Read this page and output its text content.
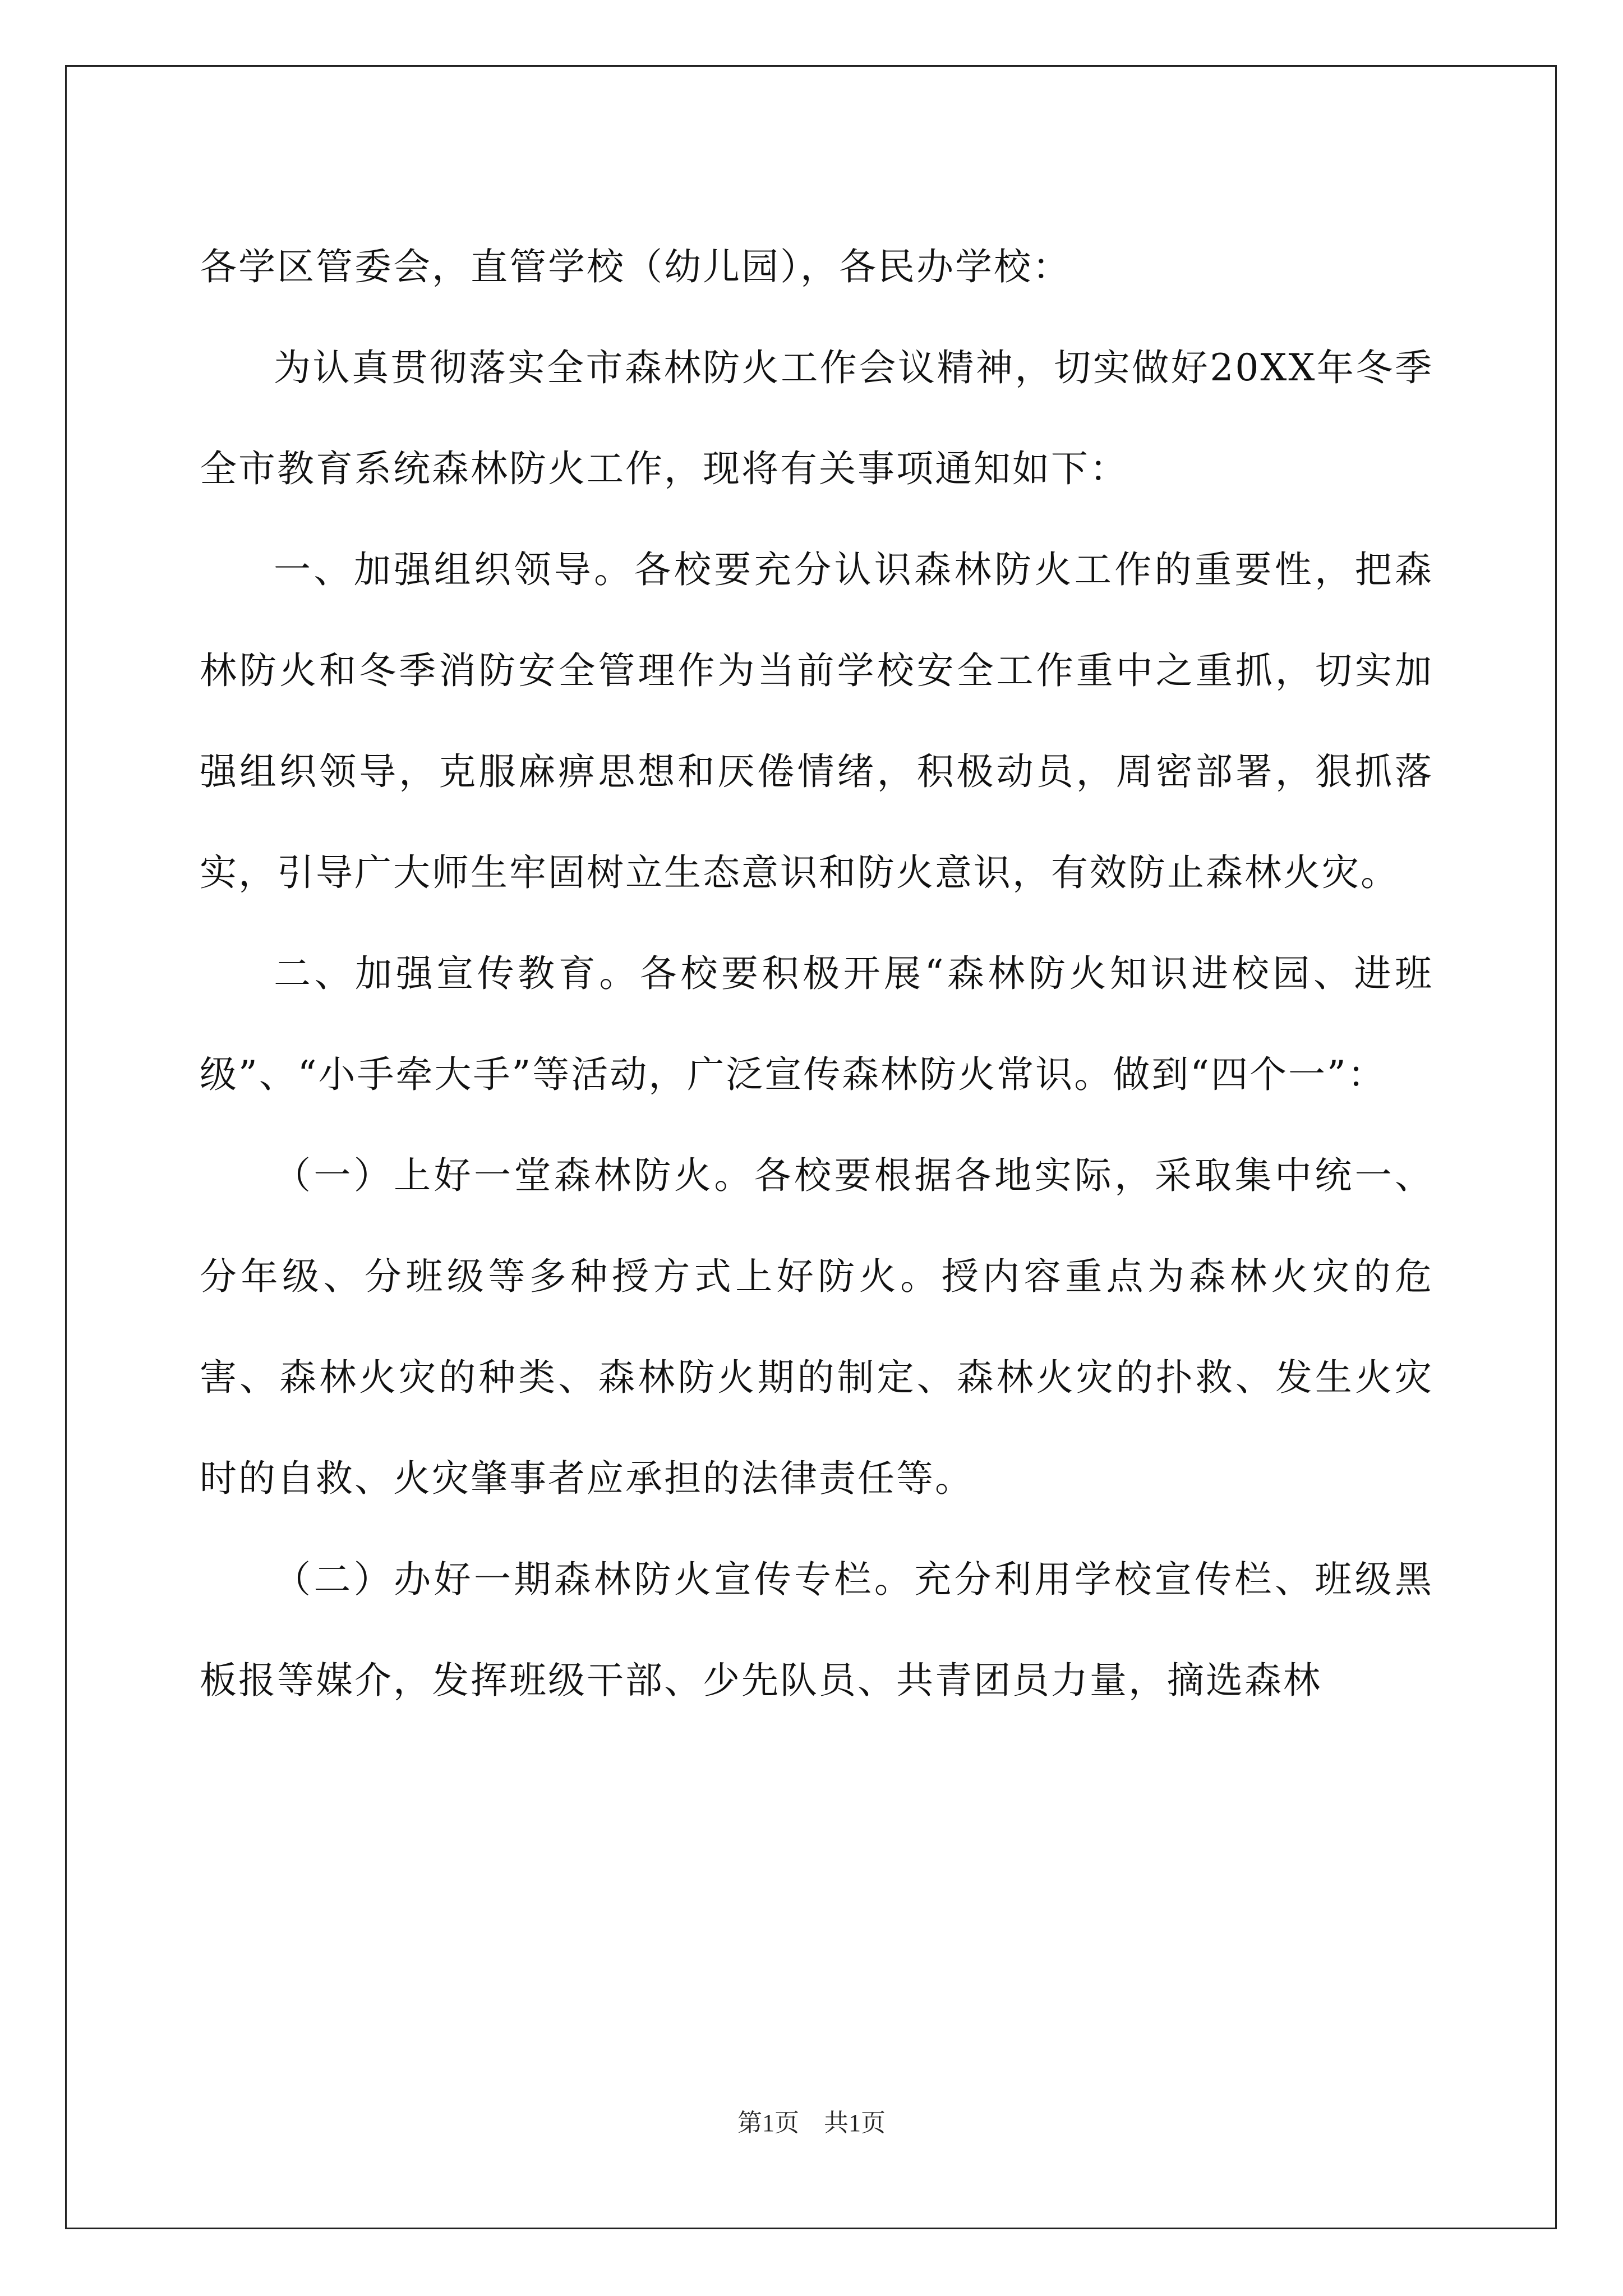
各学区管委会，直管学校（幼儿园），各民办学校：

为认真贯彻落实全市森林防火工作会议精神，切实做好20XX年冬季全市教育系统森林防火工作，现将有关事项通知如下：

一、加强组织领导。各校要充分认识森林防火工作的重要性，把森林防火和冬季消防安全管理作为当前学校安全工作重中之重抓，切实加强组织领导，克服麻痹思想和厌倦情绪，积极动员，周密部署，狠抓落实，引导广大师生牢固树立生态意识和防火意识，有效防止森林火灾。

二、加强宣传教育。各校要积极开展“森林防火知识进校园、进班级”、“小手牵大手”等活动，广泛宣传森林防火常识。做到“四个一”：

（一）上好一堂森林防火。各校要根据各地实际，采取集中统一、分年级、分班级等多种授方式上好防火。授内容重点为森林火灾的危害、森林火灾的种类、森林防火期的制定、森林火灾的扑救、发生火灾时的自救、火灾肇事者应承担的法律责任等。

（二）办好一期森林防火宣传专栏。充分利用学校宣传栏、班级黑板报等媒介，发挥班级干部、少先队员、共青团员力量，摘选森林

第1页　共1页
